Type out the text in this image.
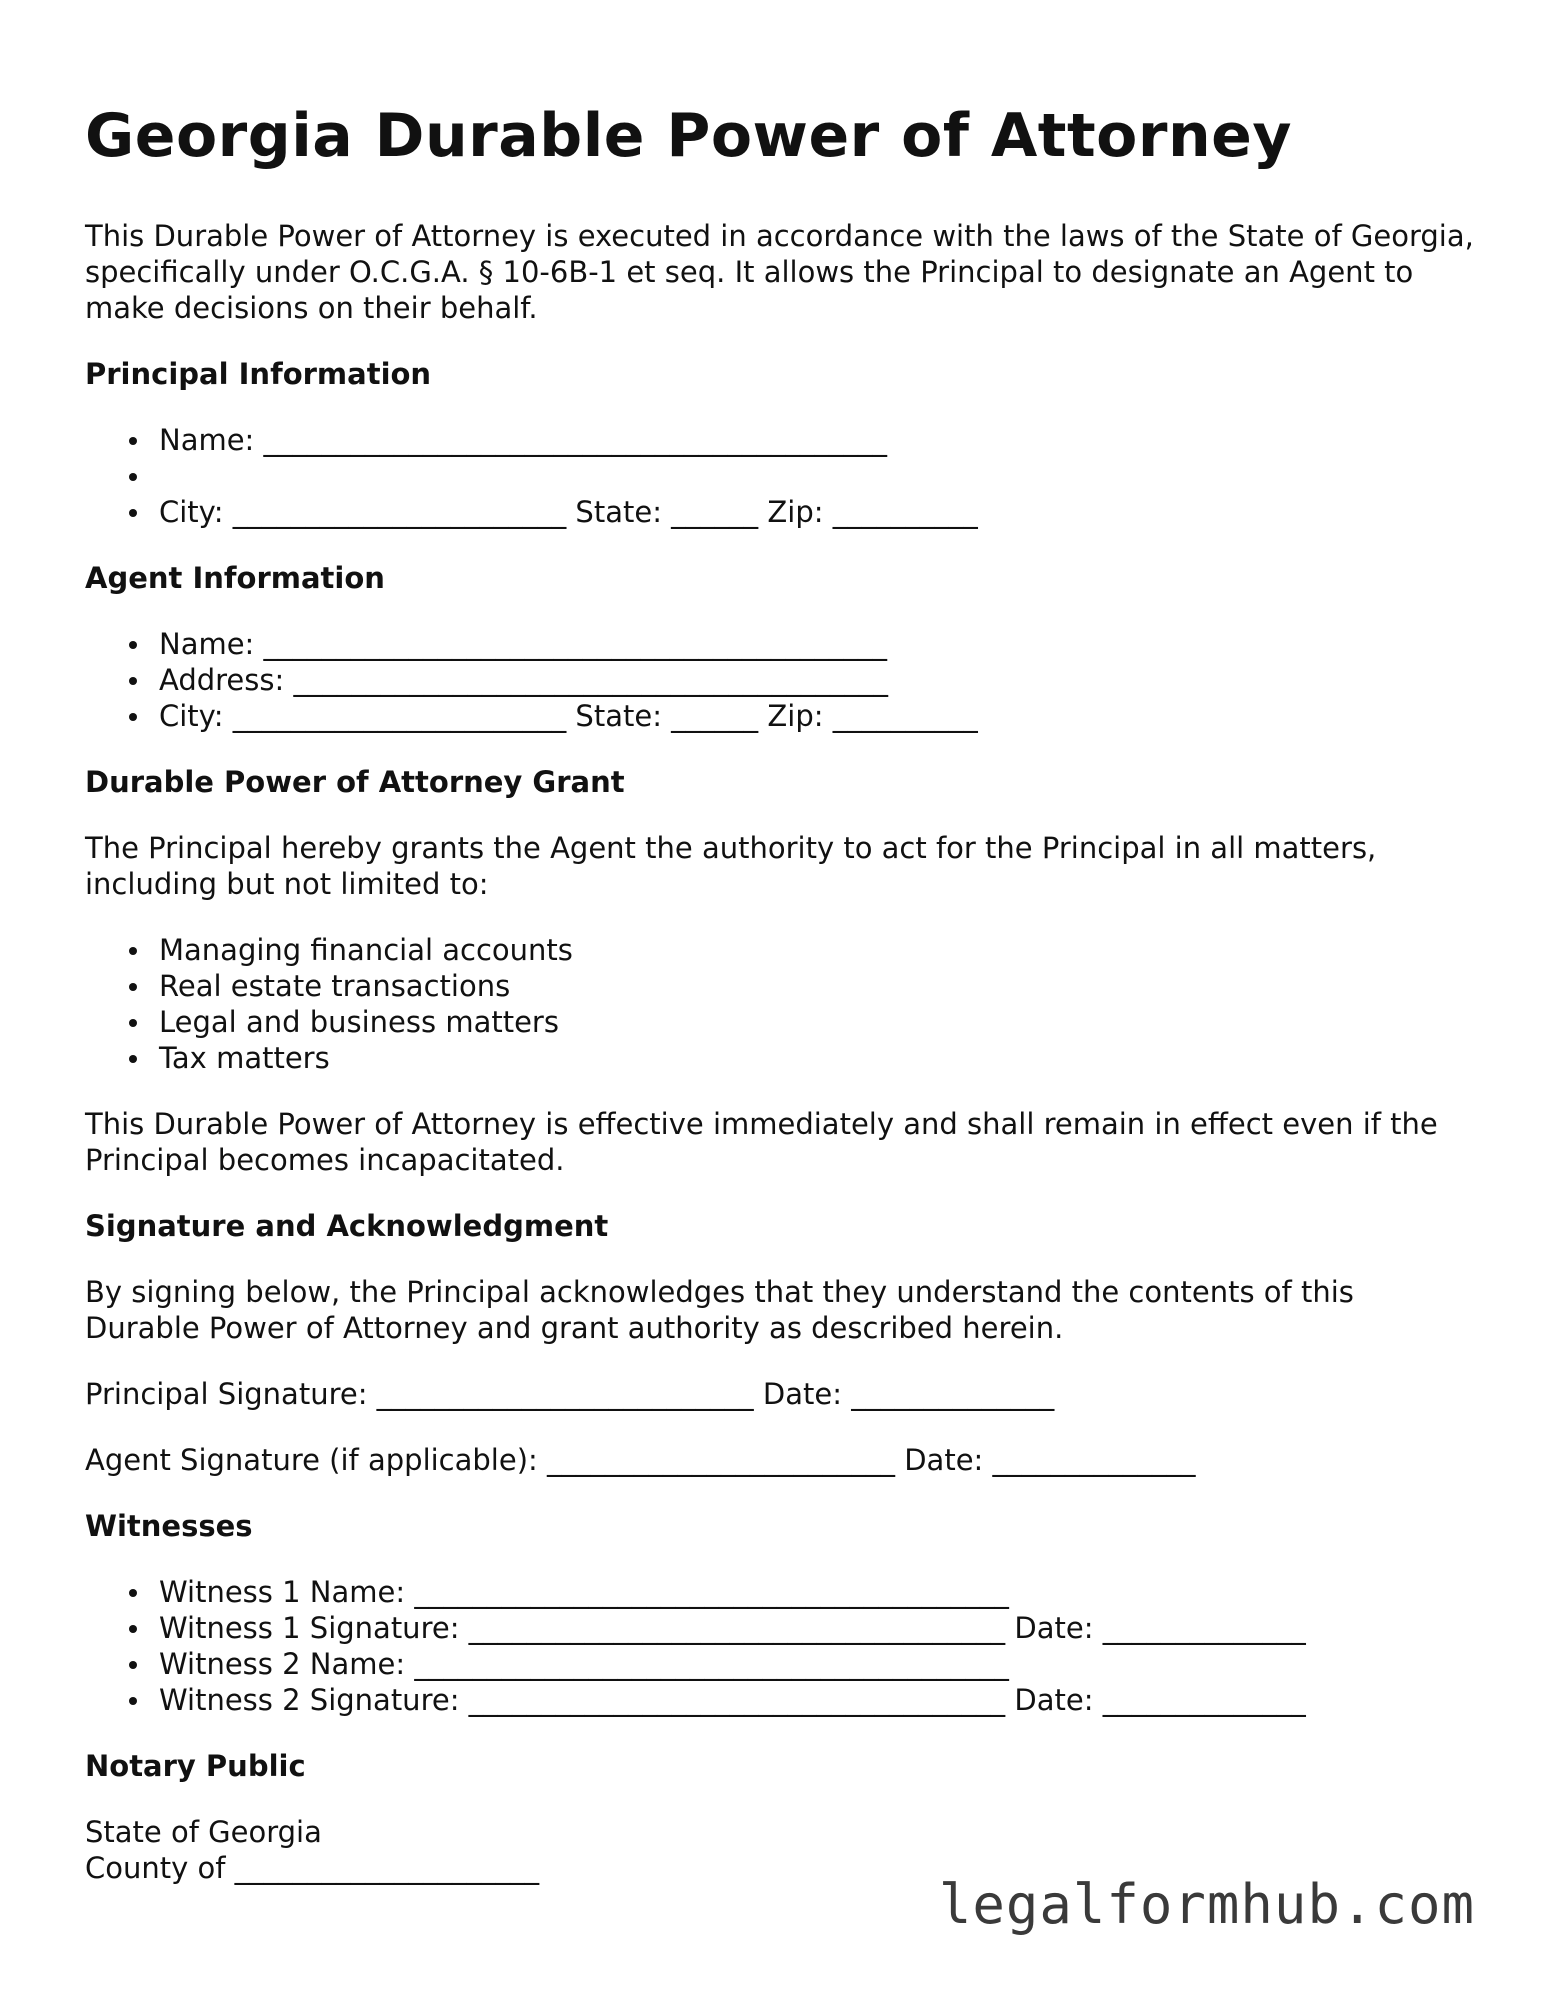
Georgia Durable Power of Attorney

This Durable Power of Attorney is executed in accordance with the laws of the State of Georgia, specifically under O.C.G.A. § 10-6B-1 et seq. It allows the Principal to designate an Agent to make decisions on their behalf.

Principal Information
Name: ___________________________________________
City: _______________________ State: ______ Zip: __________
Agent Information
Name: ___________________________________________
Address: _________________________________________
City: _______________________ State: ______ Zip: __________
Durable Power of Attorney Grant

The Principal hereby grants the Agent the authority to act for the Principal in all matters, including but not limited to:

Managing financial accounts
Real estate transactions
Legal and business matters
Tax matters

This Durable Power of Attorney is effective immediately and shall remain in effect even if the Principal becomes incapacitated.

Signature and Acknowledgment

By signing below, the Principal acknowledges that they understand the contents of this Durable Power of Attorney and grant authority as described herein.

Principal Signature: __________________________ Date: ______________

Agent Signature (if applicable): ________________________ Date: ______________

Witnesses
Witness 1 Name: _________________________________________
Witness 1 Signature: _____________________________________ Date: ______________
Witness 2 Name: _________________________________________
Witness 2 Signature: _____________________________________ Date: ______________
Notary Public

State of Georgia

County of _____________________

legalformhub.com
